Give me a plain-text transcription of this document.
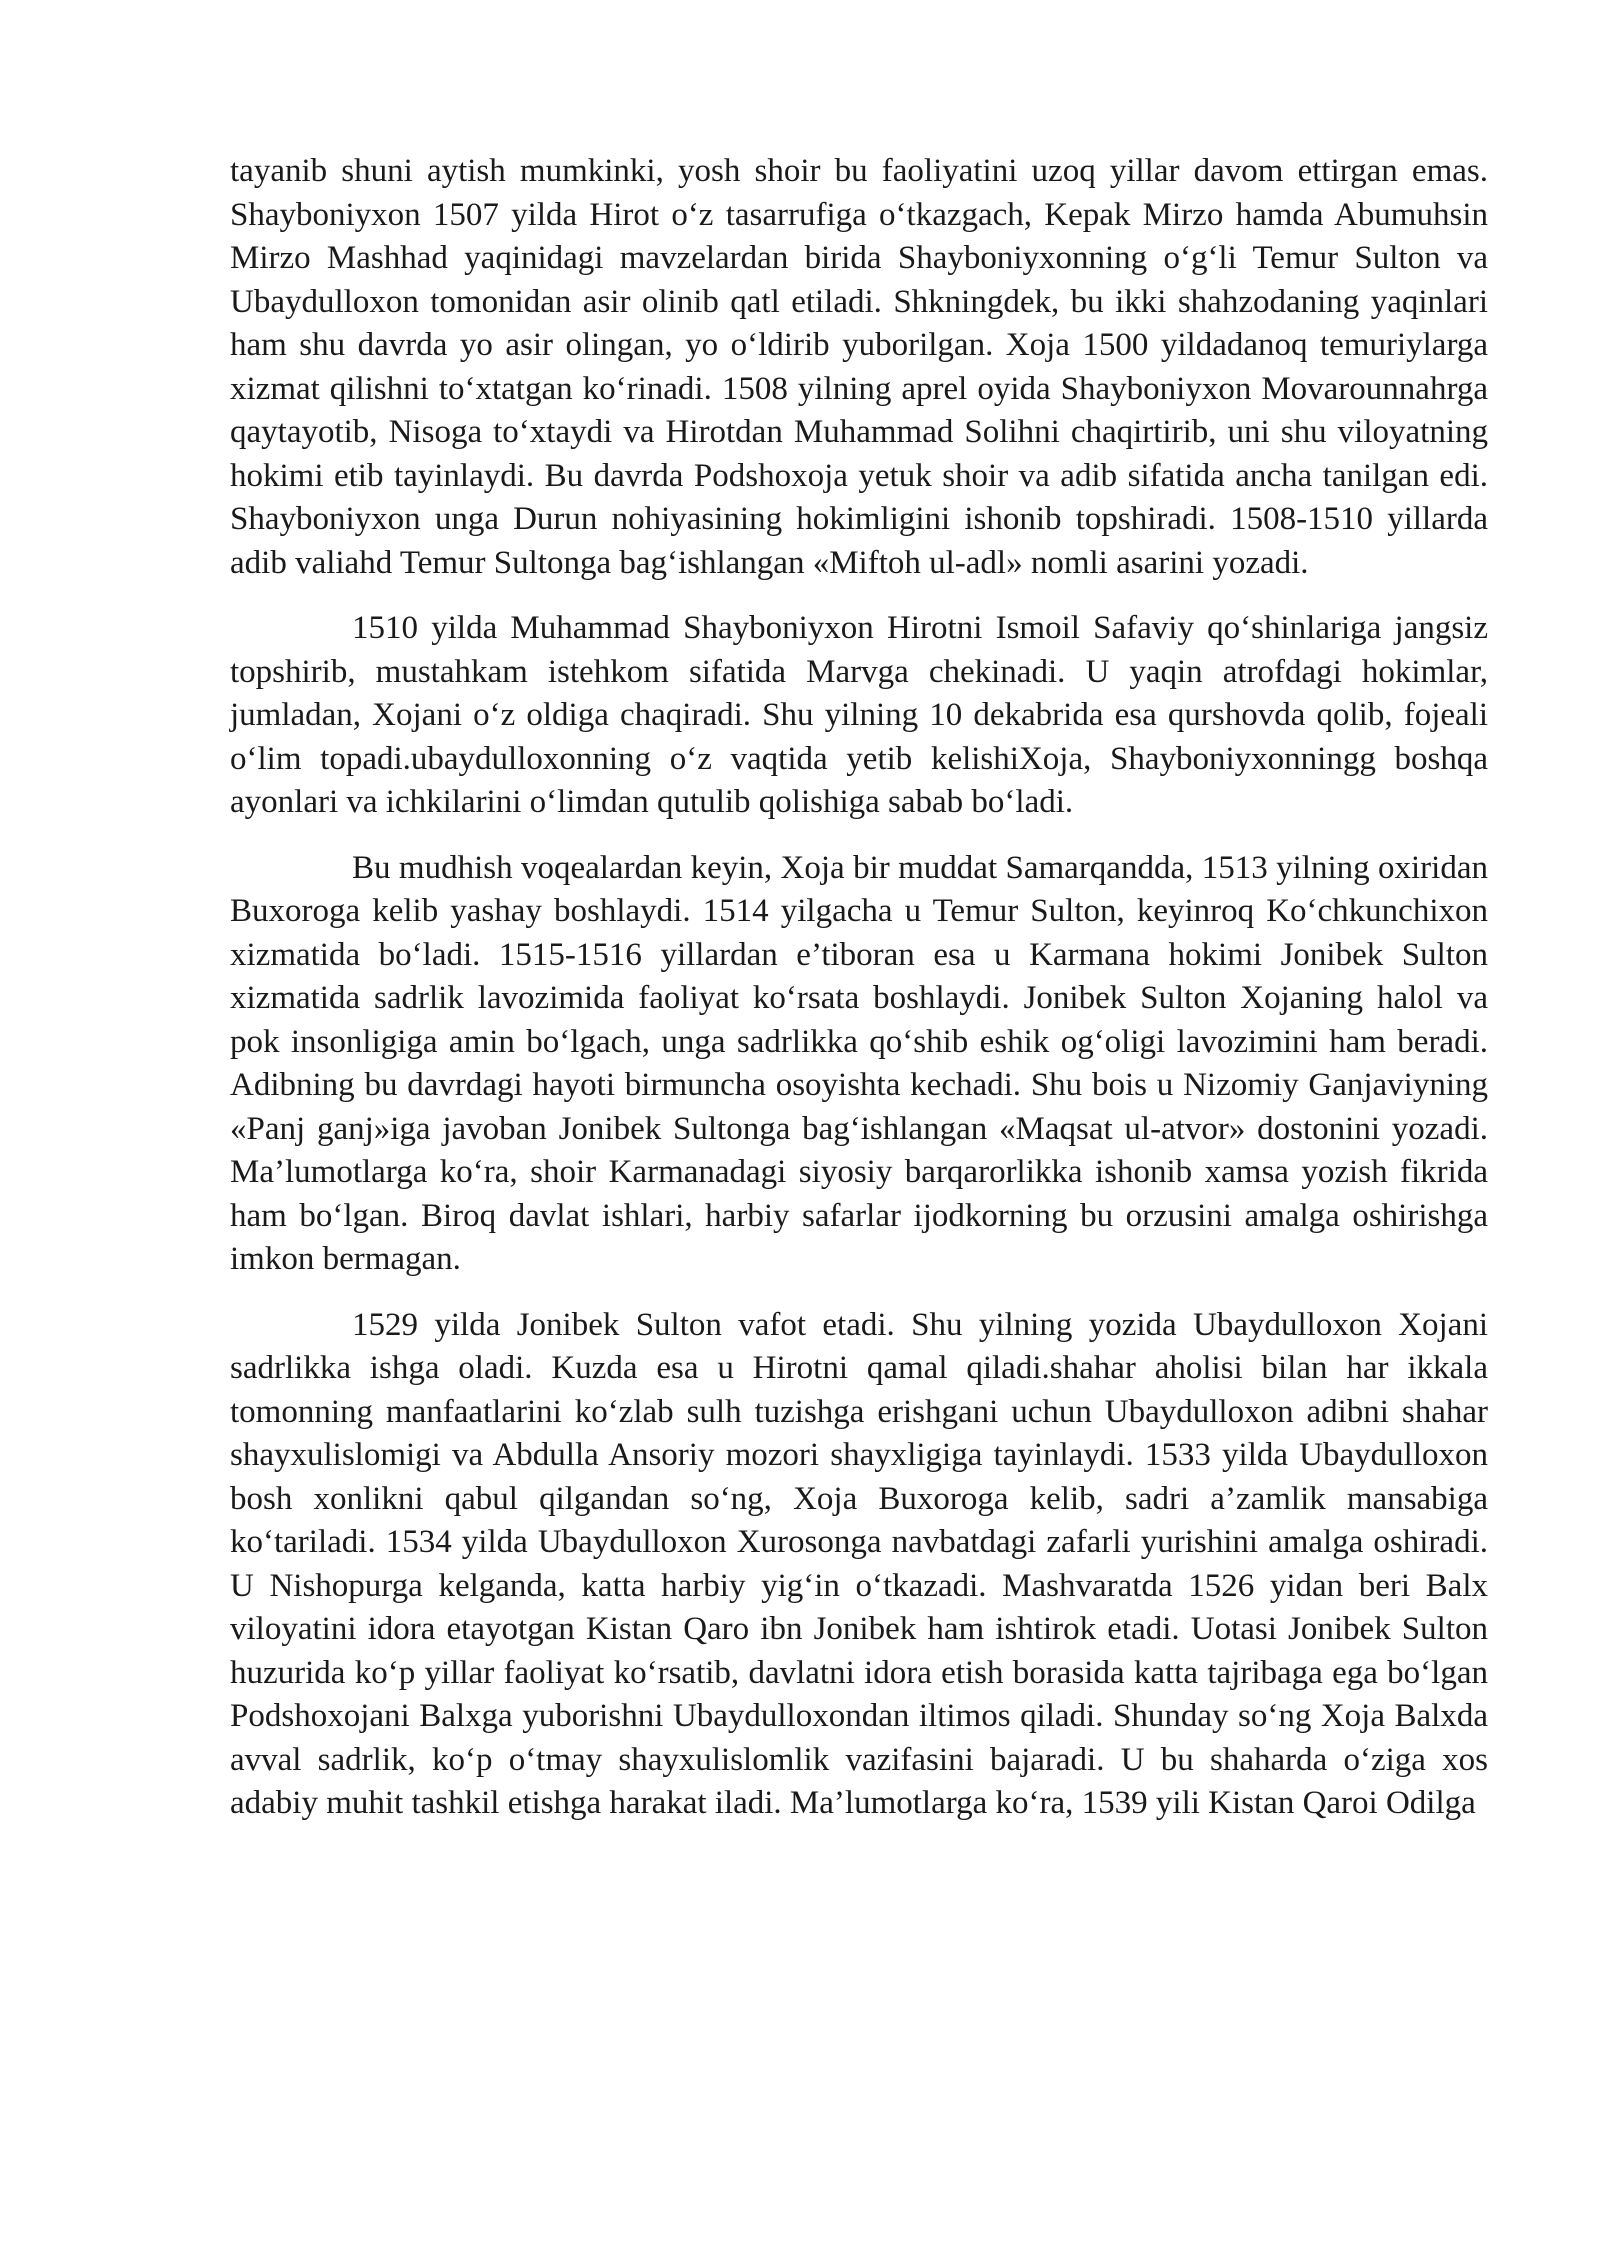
tayanib shuni aytish mumkinki, yosh shoir bu faoliyatini uzoq yillar davom ettirgan emas. Shayboniyxon 1507 yilda Hirot o‘z tasarrufiga o‘tkazgach, Kepak Mirzo hamda Abumuhsin Mirzo Mashhad yaqinidagi mavzelardan birida Shayboniyxonning o‘g‘li Temur Sulton va Ubaydulloxon tomonidan asir olinib qatl etiladi. Shkningdek, bu ikki shahzodaning yaqinlari ham shu davrda yo asir olingan, yo o‘ldirib yuborilgan. Xoja 1500 yildadanoq temuriylarga xizmat qilishni to‘xtatgan ko‘rinadi. 1508 yilning aprel oyida Shayboniyxon Movarounnahrga qaytayotib, Nisoga to‘xtaydi va Hirotdan Muhammad Solihni chaqirtirib, uni shu viloyatning hokimi etib tayinlaydi. Bu davrda Podshoxoja yetuk shoir va adib sifatida ancha tanilgan edi. Shayboniyxon unga Durun nohiyasining hokimligini ishonib topshiradi. 1508-1510 yillarda adib valiahd Temur Sultonga bag‘ishlangan «Miftoh ul-adl» nomli asarini yozadi.

1510 yilda Muhammad Shayboniyxon Hirotni Ismoil Safaviy qo‘shinlariga jangsiz topshirib, mustahkam istehkom sifatida Marvga chekinadi. U yaqin atrofdagi hokimlar, jumladan, Xojani o‘z oldiga chaqiradi. Shu yilning 10 dekabrida esa qurshovda qolib, fojeali o‘lim topadi.ubaydulloxonning o‘z vaqtida yetib kelishiXoja, Shayboniyxonningg boshqa ayonlari va ichkilarini o‘limdan qutulib qolishiga sabab bo‘ladi.

Bu mudhish voqealardan keyin, Xoja bir muddat Samarqandda, 1513 yilning oxiridan Buxoroga kelib yashay boshlaydi. 1514 yilgacha u Temur Sulton, keyinroq Ko‘chkunchixon xizmatida bo‘ladi. 1515-1516 yillardan e’tiboran esa u Karmana hokimi Jonibek Sulton xizmatida sadrlik lavozimida faoliyat ko‘rsata boshlaydi. Jonibek Sulton Xojaning halol va pok insonligiga amin bo‘lgach, unga sadrlikka qo‘shib eshik og‘oligi lavozimini ham beradi. Adibning bu davrdagi hayoti birmuncha osoyishta kechadi. Shu bois u Nizomiy Ganjaviyning «Panj ganj»iga javoban Jonibek Sultonga bag‘ishlangan «Maqsat ul-atvor» dostonini yozadi. Ma’lumotlarga ko‘ra, shoir Karmanadagi siyosiy barqarorlikka ishonib xamsa yozish fikrida ham bo‘lgan. Biroq davlat ishlari, harbiy safarlar ijodkorning bu orzusini amalga oshirishga imkon bermagan.

1529 yilda Jonibek Sulton vafot etadi. Shu yilning yozida Ubaydulloxon Xojani sadrlikka ishga oladi. Kuzda esa u Hirotni qamal qiladi.shahar aholisi bilan har ikkala tomonning manfaatlarini ko‘zlab sulh tuzishga erishgani uchun Ubaydulloxon adibni shahar shayxulislomigi va Abdulla Ansoriy mozori shayxligiga tayinlaydi. 1533 yilda Ubaydulloxon bosh xonlikni qabul qilgandan so‘ng, Xoja Buxoroga kelib, sadri a’zamlik mansabiga ko‘tariladi. 1534 yilda Ubaydulloxon Xurosonga navbatdagi zafarli yurishini amalga oshiradi. U Nishopurga kelganda, katta harbiy yig‘in o‘tkazadi. Mashvaratda 1526 yidan beri Balx viloyatini idora etayotgan Kistan Qaro ibn Jonibek ham ishtirok etadi. Uotasi Jonibek Sulton huzurida ko‘p yillar faoliyat ko‘rsatib, davlatni idora etish borasida katta tajribaga ega bo‘lgan Podshoxojani Balxga yuborishni Ubaydulloxondan iltimos qiladi. Shunday so‘ng Xoja Balxda avval sadrlik, ko‘p o‘tmay shayxulislomlik vazifasini bajaradi. U bu shaharda o‘ziga xos adabiy muhit tashkil etishga harakat iladi. Ma’lumotlarga ko‘ra, 1539 yili Kistan Qaroi Odilga
